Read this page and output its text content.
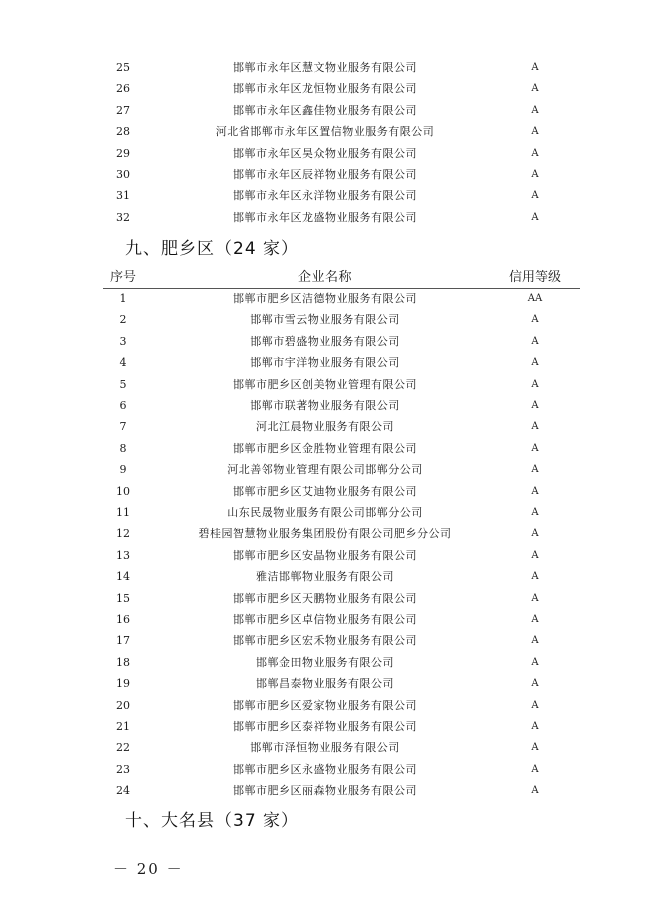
25	邯郸市永年区慧文物业服务有限公司	A
26	邯郸市永年区龙恒物业服务有限公司	A
27	邯郸市永年区鑫佳物业服务有限公司	A
28	河北省邯郸市永年区置信物业服务有限公司	A
29	邯郸市永年区昊众物业服务有限公司	A
30	邯郸市永年区辰祥物业服务有限公司	A
31	邯郸市永年区永洋物业服务有限公司	A
32	邯郸市永年区龙盛物业服务有限公司	A
九、肥乡区（24 家）
序号	企业名称	信用等级
1	邯郸市肥乡区洁德物业服务有限公司	AA
2	邯郸市雪云物业服务有限公司	A
3	邯郸市碧盛物业服务有限公司	A
4	邯郸市宇洋物业服务有限公司	A
5	邯郸市肥乡区创美物业管理有限公司	A
6	邯郸市联著物业服务有限公司	A
7	河北江晨物业服务有限公司	A
8	邯郸市肥乡区金胜物业管理有限公司	A
9	河北善邻物业管理有限公司邯郸分公司	A
10	邯郸市肥乡区艾迪物业服务有限公司	A
11	山东民晟物业服务有限公司邯郸分公司	A
12	碧桂园智慧物业服务集团股份有限公司肥乡分公司	A
13	邯郸市肥乡区安晶物业服务有限公司	A
14	雅洁邯郸物业服务有限公司	A
15	邯郸市肥乡区天鹏物业服务有限公司	A
16	邯郸市肥乡区卓信物业服务有限公司	A
17	邯郸市肥乡区宏禾物业服务有限公司	A
18	邯郸金田物业服务有限公司	A
19	邯郸昌泰物业服务有限公司	A
20	邯郸市肥乡区爱家物业服务有限公司	A
21	邯郸市肥乡区泰祥物业服务有限公司	A
22	邯郸市泽恒物业服务有限公司	A
23	邯郸市肥乡区永盛物业服务有限公司	A
24	邯郸市肥乡区丽森物业服务有限公司	A
十、大名县（37 家）
－ 20 －
